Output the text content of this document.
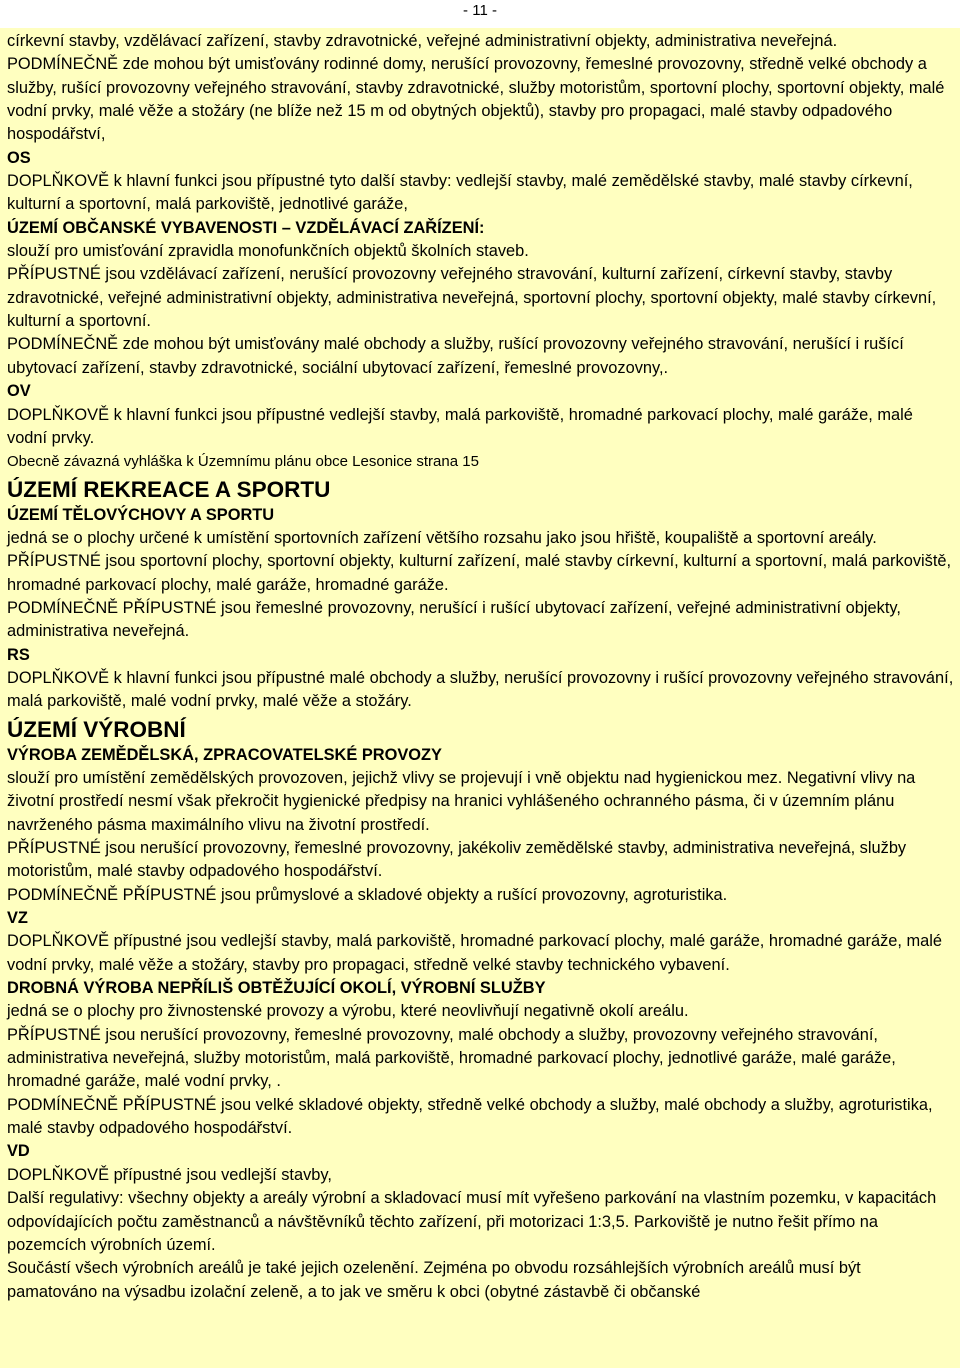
- 11 -

církevní stavby, vzdělávací zařízení, stavby zdravotnické, veřejné administrativní objekty, administrativa neveřejná.

PODMÍNEČNĚ zde mohou být umisťovány rodinné domy, nerušící provozovny, řemeslné provozovny, středně velké obchody a služby, rušící provozovny veřejného stravování, stavby zdravotnické, služby motoristům, sportovní plochy, sportovní objekty, malé vodní prvky, malé věže a stožáry (ne blíže než 15 m od obytných objektů), stavby pro propagaci, malé stavby odpadového hospodářství,

OS

DOPLŇKOVĚ k hlavní funkci jsou přípustné tyto další stavby: vedlejší stavby, malé zemědělské stavby, malé stavby církevní, kulturní a sportovní, malá parkoviště, jednotlivé garáže,

ÚZEMÍ OBČANSKÉ VYBAVENOSTI – VZDĚLÁVACÍ ZAŘÍZENÍ:

slouží pro umisťování zpravidla monofunkčních objektů školních staveb.

PŘÍPUSTNÉ jsou vzdělávací zařízení, nerušící provozovny veřejného stravování, kulturní zařízení, církevní stavby, stavby zdravotnické, veřejné administrativní objekty, administrativa neveřejná, sportovní plochy, sportovní objekty, malé stavby církevní, kulturní a sportovní.

PODMÍNEČNĚ zde mohou být umisťovány malé obchody a služby, rušící provozovny veřejného stravování, nerušící i rušící ubytovací zařízení, stavby zdravotnické, sociální ubytovací zařízení, řemeslné provozovny,.

OV

DOPLŇKOVĚ k hlavní funkci jsou přípustné vedlejší stavby, malá parkoviště, hromadné parkovací plochy, malé garáže, malé vodní prvky.

Obecně závazná vyhláška k Územnímu plánu obce Lesonice strana 15

ÚZEMÍ REKREACE A SPORTU

ÚZEMÍ TĚLOVÝCHOVY A SPORTU

jedná se o plochy určené k umístění sportovních zařízení většího rozsahu jako jsou hřiště, koupaliště a sportovní areály.

PŘÍPUSTNÉ jsou sportovní plochy, sportovní objekty, kulturní zařízení, malé stavby církevní, kulturní a sportovní, malá parkoviště, hromadné parkovací plochy, malé garáže, hromadné garáže.

PODMÍNEČNĚ PŘÍPUSTNÉ jsou řemeslné provozovny, nerušící i rušící ubytovací zařízení, veřejné administrativní objekty, administrativa neveřejná.

RS

DOPLŇKOVĚ k hlavní funkci jsou přípustné malé obchody a služby, nerušící provozovny i rušící provozovny veřejného stravování, malá parkoviště, malé vodní prvky, malé věže a stožáry.

ÚZEMÍ VÝROBNÍ

VÝROBA ZEMĚDĚLSKÁ, ZPRACOVATELSKÉ PROVOZY

slouží pro umístění zemědělských provozoven, jejichž vlivy se projevují i vně objektu nad hygienickou mez. Negativní vlivy na životní prostředí nesmí však překročit hygienické předpisy na hranici vyhlášeného ochranného pásma, či v územním plánu navrženého pásma maximálního vlivu na životní prostředí.

PŘÍPUSTNÉ jsou nerušící provozovny, řemeslné provozovny, jakékoliv zemědělské stavby, administrativa neveřejná, služby motoristům, malé stavby odpadového hospodářství.

PODMÍNEČNĚ PŘÍPUSTNÉ jsou průmyslové a skladové objekty a rušící provozovny, agroturistika.

VZ

DOPLŇKOVĚ přípustné jsou vedlejší stavby, malá parkoviště, hromadné parkovací plochy, malé garáže, hromadné garáže, malé vodní prvky, malé věže a stožáry, stavby pro propagaci, středně velké stavby technického vybavení.

DROBNÁ VÝROBA NEPŘÍLIŠ OBTĚŽUJÍCÍ OKOLÍ, VÝROBNÍ SLUŽBY

jedná se o plochy pro živnostenské provozy a výrobu, které neovlivňují negativně okolí areálu.

PŘÍPUSTNÉ jsou nerušící provozovny, řemeslné provozovny, malé obchody a služby, provozovny veřejného stravování, administrativa neveřejná, služby motoristům, malá parkoviště, hromadné parkovací plochy, jednotlivé garáže, malé garáže, hromadné garáže, malé vodní prvky, .

PODMÍNEČNĚ PŘÍPUSTNÉ jsou velké skladové objekty, středně velké obchody a služby, malé obchody a služby, agroturistika, malé stavby odpadového hospodářství.

VD

DOPLŇKOVĚ přípustné jsou vedlejší stavby,

Další regulativy: všechny objekty a areály výrobní a skladovací musí mít vyřešeno parkování na vlastním pozemku, v kapacitách odpovídajících počtu zaměstnanců a návštěvníků těchto zařízení, při motorizaci 1:3,5. Parkoviště je nutno řešit přímo na pozemcích výrobních území.

Součástí všech výrobních areálů je také jejich ozelenění. Zejména po obvodu rozsáhlejších výrobních areálů musí být pamatováno na výsadbu izolační zeleně, a to jak ve směru k obci (obytné zástavbě či občanské
